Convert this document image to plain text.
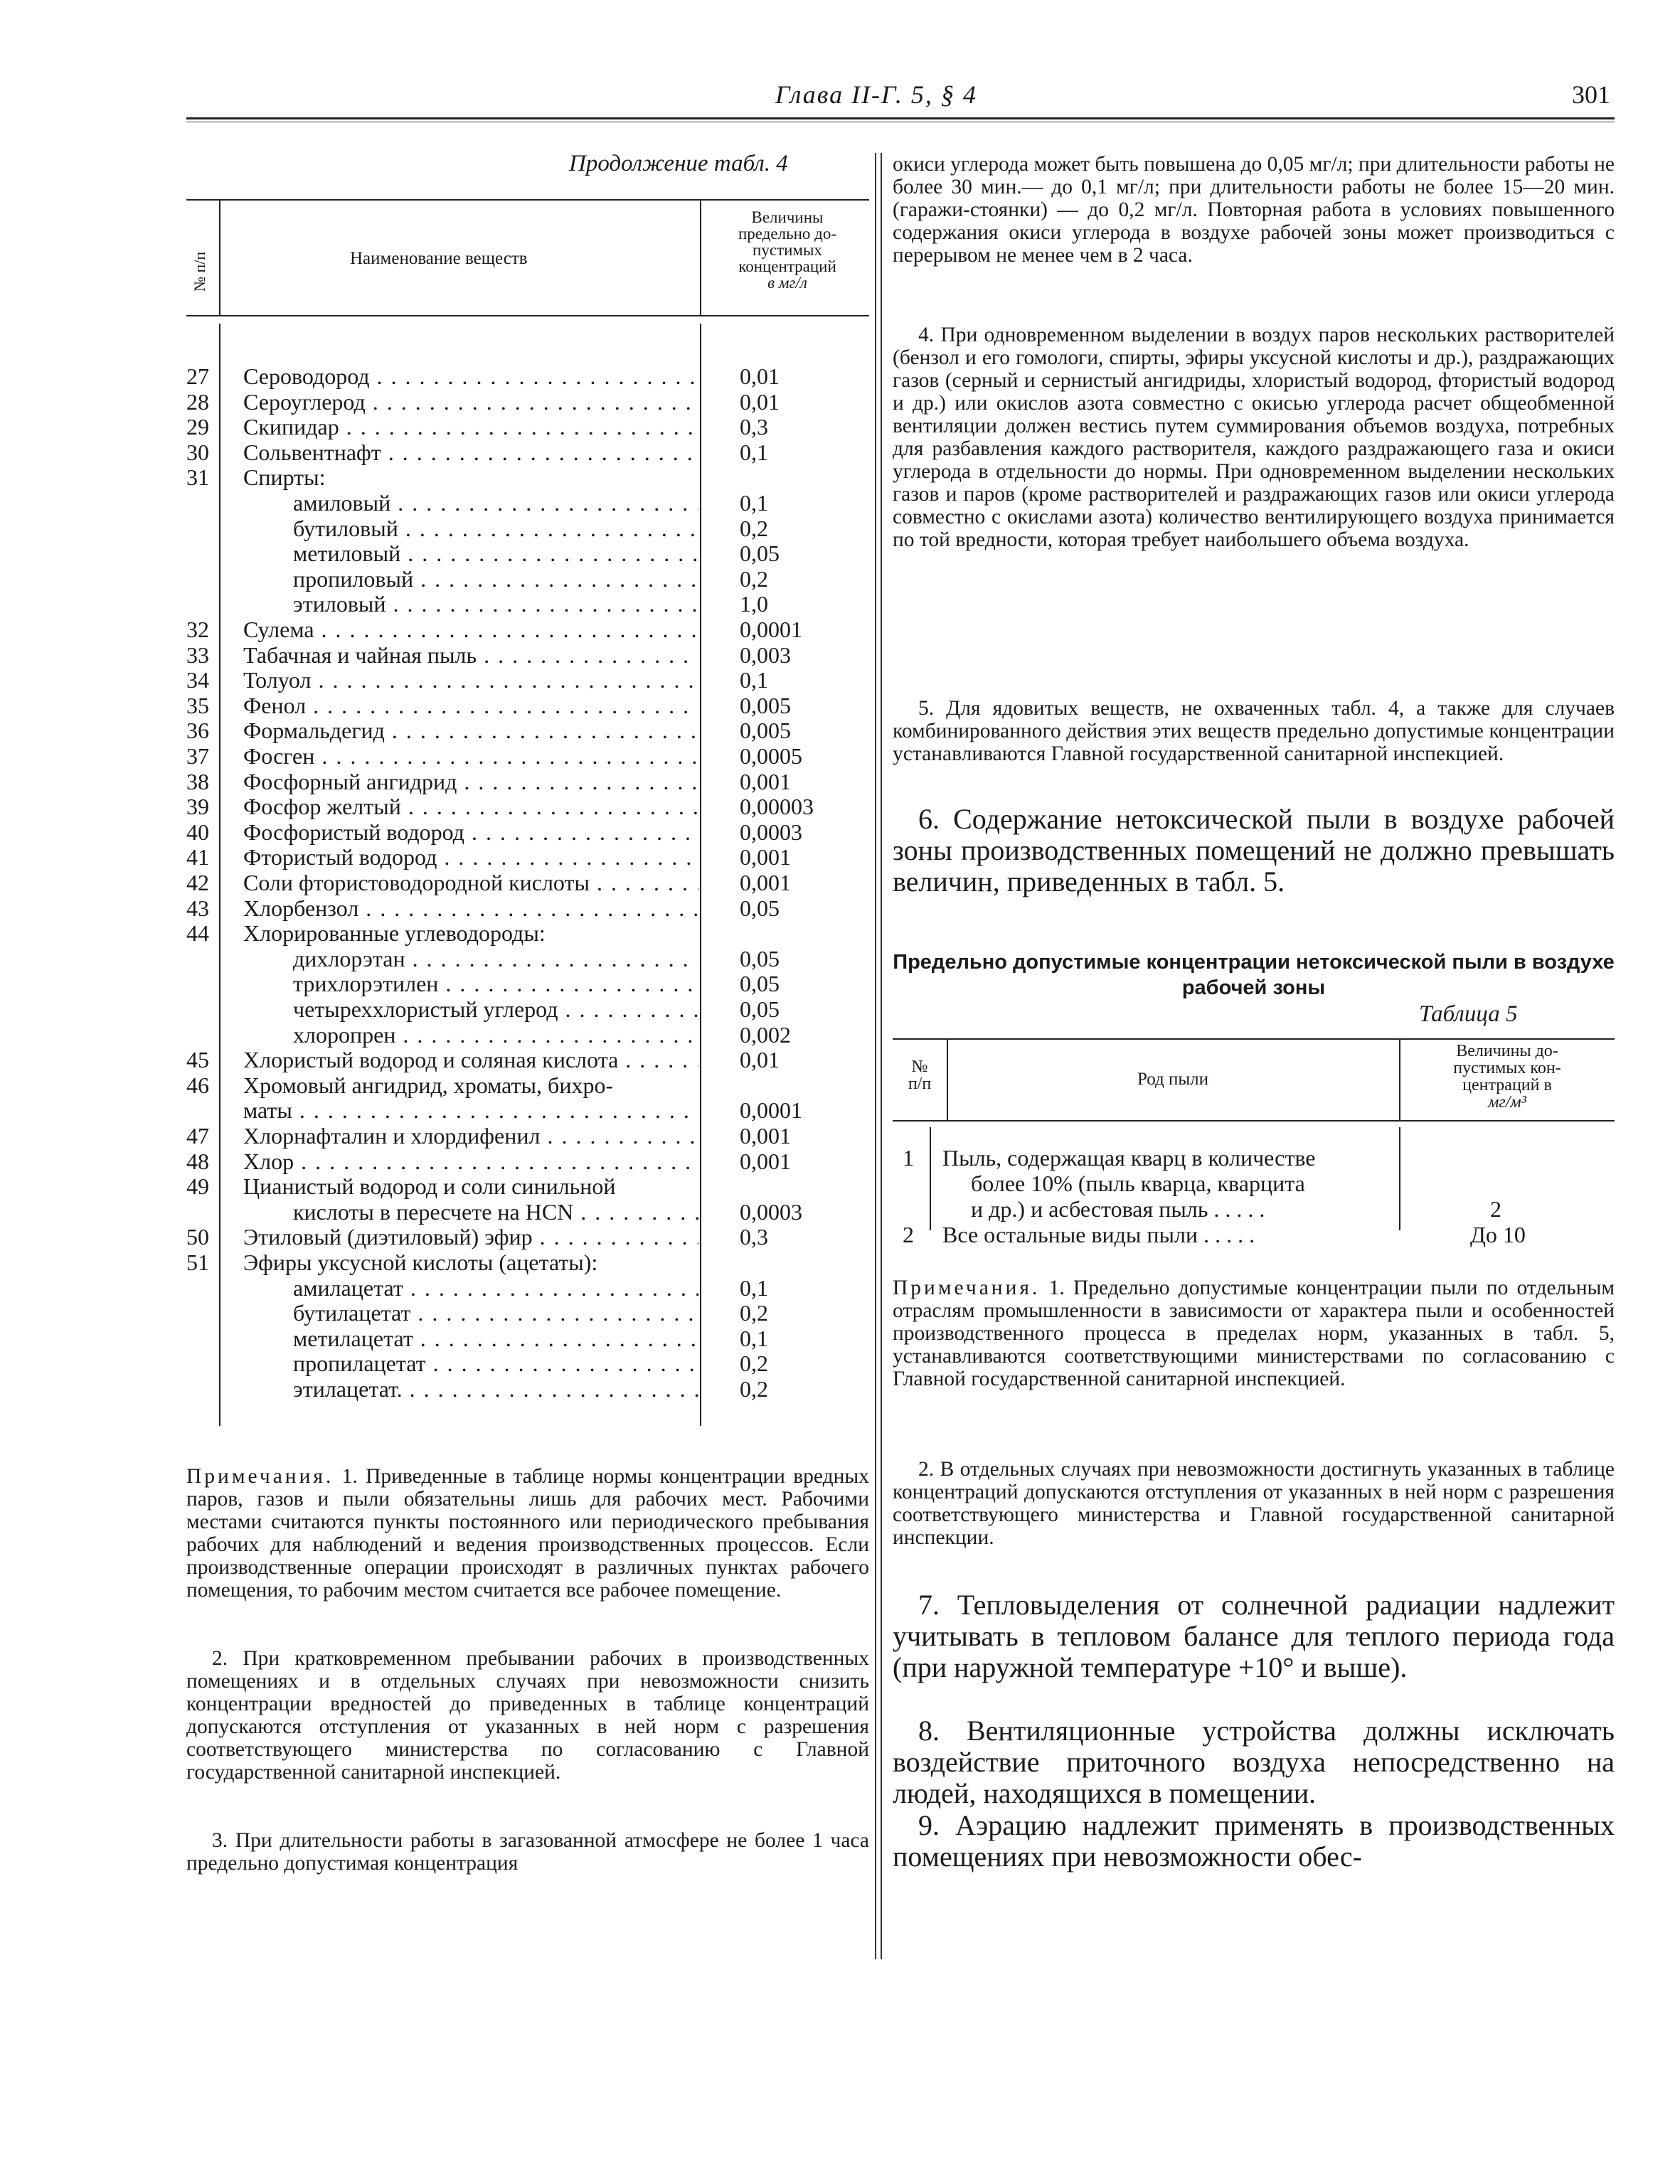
Глава II-Г. 5, § 4	301
Продолжение табл. 4
№ п/п	Наименование веществ
Величины
предельно до-
пустимых
концентраций
в мг/л
27	Сероводород . . .	0,01
28	Сероуглерод . . .	0,01
29	Скипидар . . .	0,3
30	Сольвентнафт . . .	0,1
31	Спирты:
амиловый . . .	0,1
бутиловый . . .	0,2
метиловый . . .	0,05
пропиловый . . .	0,2
этиловый . . .	1,0
32	Сулема . . .	0,0001
33	Табачная и чайная пыль . . .	0,003
34	Толуол . . .	0,1
35	Фенол . . .	0,005
36	Формальдегид . . .	0,005
37	Фосген . . .	0,0005
38	Фосфорный ангидрид . . .	0,001
39	Фосфор желтый . . .	0,00003
40	Фосфористый водород . . .	0,0003
41	Фтористый водород . . .	0,001
42	Соли фтористоводородной кислоты . . .	0,001
43	Хлорбензол . . .	0,05
44	Хлорированные углеводороды:
дихлорэтан . . .	0,05
трихлорэтилен . . .	0,05
четыреххлористый углерод . . .	0,05
хлоропрен . . .	0,002
45	Хлористый водород и соляная кислота . . .	0,01
46	Хромовый ангидрид, хроматы, бихро-
маты . . .	0,0001
47	Хлорнафталин и хлордифенил . . .	0,001
48	Хлор . . .	0,001
49	Цианистый водород и соли синильной
кислоты в пересчете на HCN . . .	0,0003
50	Этиловый (диэтиловый) эфир . . .	0,3
51	Эфиры уксусной кислоты (ацетаты):
амилацетат . . .	0,1
бутилацетат . . .	0,2
метилацетат . . .	0,1
пропилацетат . . .	0,2
этилацетат. . . .	0,2
Примечания. 1. Приведенные в таблице нормы концентрации вредных паров, газов и пыли обязательны лишь для рабочих мест. Рабочими местами считаются пункты постоянного или периодического пребывания рабочих для наблюдений и ведения производственных процессов. Если производственные операции происходят в различных пунктах рабочего помещения, то рабочим местом считается все рабочее помещение.
2. При кратковременном пребывании рабочих в производственных помещениях и в отдельных случаях при невозможности снизить концентрации вредностей до приведенных в таблице концентраций допускаются отступления от указанных в ней норм с разрешения соответствующего министерства по согласованию с Главной государственной санитарной инспекцией.
3. При длительности работы в загазованной атмосфере не более 1 часа предельно допустимая концентрация
окиси углерода может быть повышена до 0,05 мг/л; при длительности работы не более 30 мин.— до 0,1 мг/л; при длительности работы не более 15—20 мин. (гаражи-стоянки) — до 0,2 мг/л. Повторная работа в условиях повышенного содержания окиси углерода в воздухе рабочей зоны может производиться с перерывом не менее чем в 2 часа.
4. При одновременном выделении в воздух паров нескольких растворителей (бензол и его гомологи, спирты, эфиры уксусной кислоты и др.), раздражающих газов (серный и сернистый ангидриды, хлористый водород, фтористый водород и др.) или окислов азота совместно с окисью углерода расчет общеобменной вентиляции должен вестись путем суммирования объемов воздуха, потребных для разбавления каждого растворителя, каждого раздражающего газа и окиси углерода в отдельности до нормы. При одновременном выделении нескольких газов и паров (кроме растворителей и раздражающих газов или окиси углерода совместно с окислами азота) количество вентилирующего воздуха принимается по той вредности, которая требует наибольшего объема воздуха.
5. Для ядовитых веществ, не охваченных табл. 4, а также для случаев комбинированного действия этих веществ предельно допустимые концентрации устанавливаются Главной государственной санитарной инспекцией.
6. Содержание нетоксической пыли в воздухе рабочей зоны производственных помещений не должно превышать величин, приведенных в табл. 5.
Предельно допустимые концентрации нетоксической пыли в воздухе рабочей зоны
Таблица 5
№
п/п	Род пыли
Величины до-
пустимых кон-
центраций в
мг/м³
1 Пыль, содержащая кварц в количестве
более 10% (пыль кварца, кварцита
и др.) и асбестовая пыль . . . . .	2
2 Все остальные виды пыли . . . . .	До 10
Примечания. 1. Предельно допустимые концентрации пыли по отдельным отраслям промышленности в зависимости от характера пыли и особенностей производственного процесса в пределах норм, указанных в табл. 5, устанавливаются соответствующими министерствами по согласованию с Главной государственной санитарной инспекцией.
2. В отдельных случаях при невозможности достигнуть указанных в таблице концентраций допускаются отступления от указанных в ней норм с разрешения соответствующего министерства и Главной государственной санитарной инспекции.
7. Тепловыделения от солнечной радиации надлежит учитывать в тепловом балансе для теплого периода года (при наружной температуре +10° и выше).
8. Вентиляционные устройства должны исключать воздействие приточного воздуха непосредственно на людей, находящихся в помещении.
9. Аэрацию надлежит применять в производственных помещениях при невозможности обес-
